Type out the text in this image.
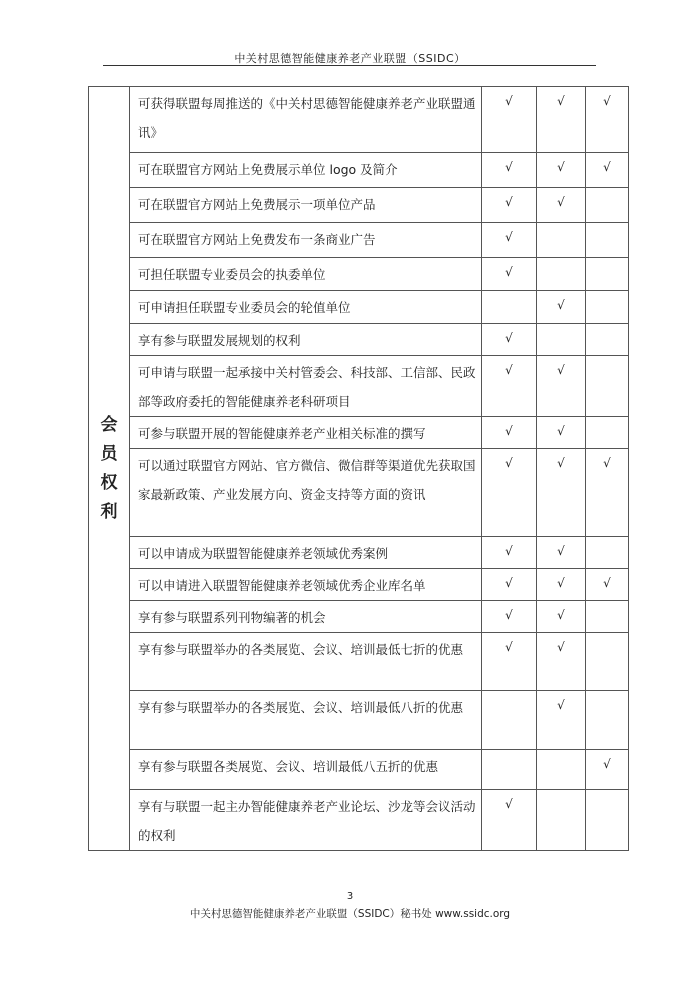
中关村思德智能健康养老产业联盟（SSIDC）
会
员
权
利	可获得联盟每周推送的《中关村思德智能健康养老产业联盟通讯》	√	√	√
	可在联盟官方网站上免费展示单位 logo 及简介	√	√	√
	可在联盟官方网站上免费展示一项单位产品	√	√	
	可在联盟官方网站上免费发布一条商业广告	√		
	可担任联盟专业委员会的执委单位	√		
	可申请担任联盟专业委员会的轮值单位		√	
	享有参与联盟发展规划的权利	√		
	可申请与联盟一起承接中关村管委会、科技部、工信部、民政部等政府委托的智能健康养老科研项目	√	√	
	可参与联盟开展的智能健康养老产业相关标准的撰写	√	√	
	可以通过联盟官方网站、官方微信、微信群等渠道优先获取国家最新政策、产业发展方向、资金支持等方面的资讯	√	√	√
	可以申请成为联盟智能健康养老领域优秀案例	√	√	
	可以申请进入联盟智能健康养老领域优秀企业库名单	√	√	√
	享有参与联盟系列刊物编著的机会	√	√	
	享有参与联盟举办的各类展览、会议、培训最低七折的优惠	√	√	
	享有参与联盟举办的各类展览、会议、培训最低八折的优惠		√	
	享有参与联盟各类展览、会议、培训最低八五折的优惠			√
	享有与联盟一起主办智能健康养老产业论坛、沙龙等会议活动的权利	√		
3
中关村思德智能健康养老产业联盟（SSIDC）秘书处 www.ssidc.org
